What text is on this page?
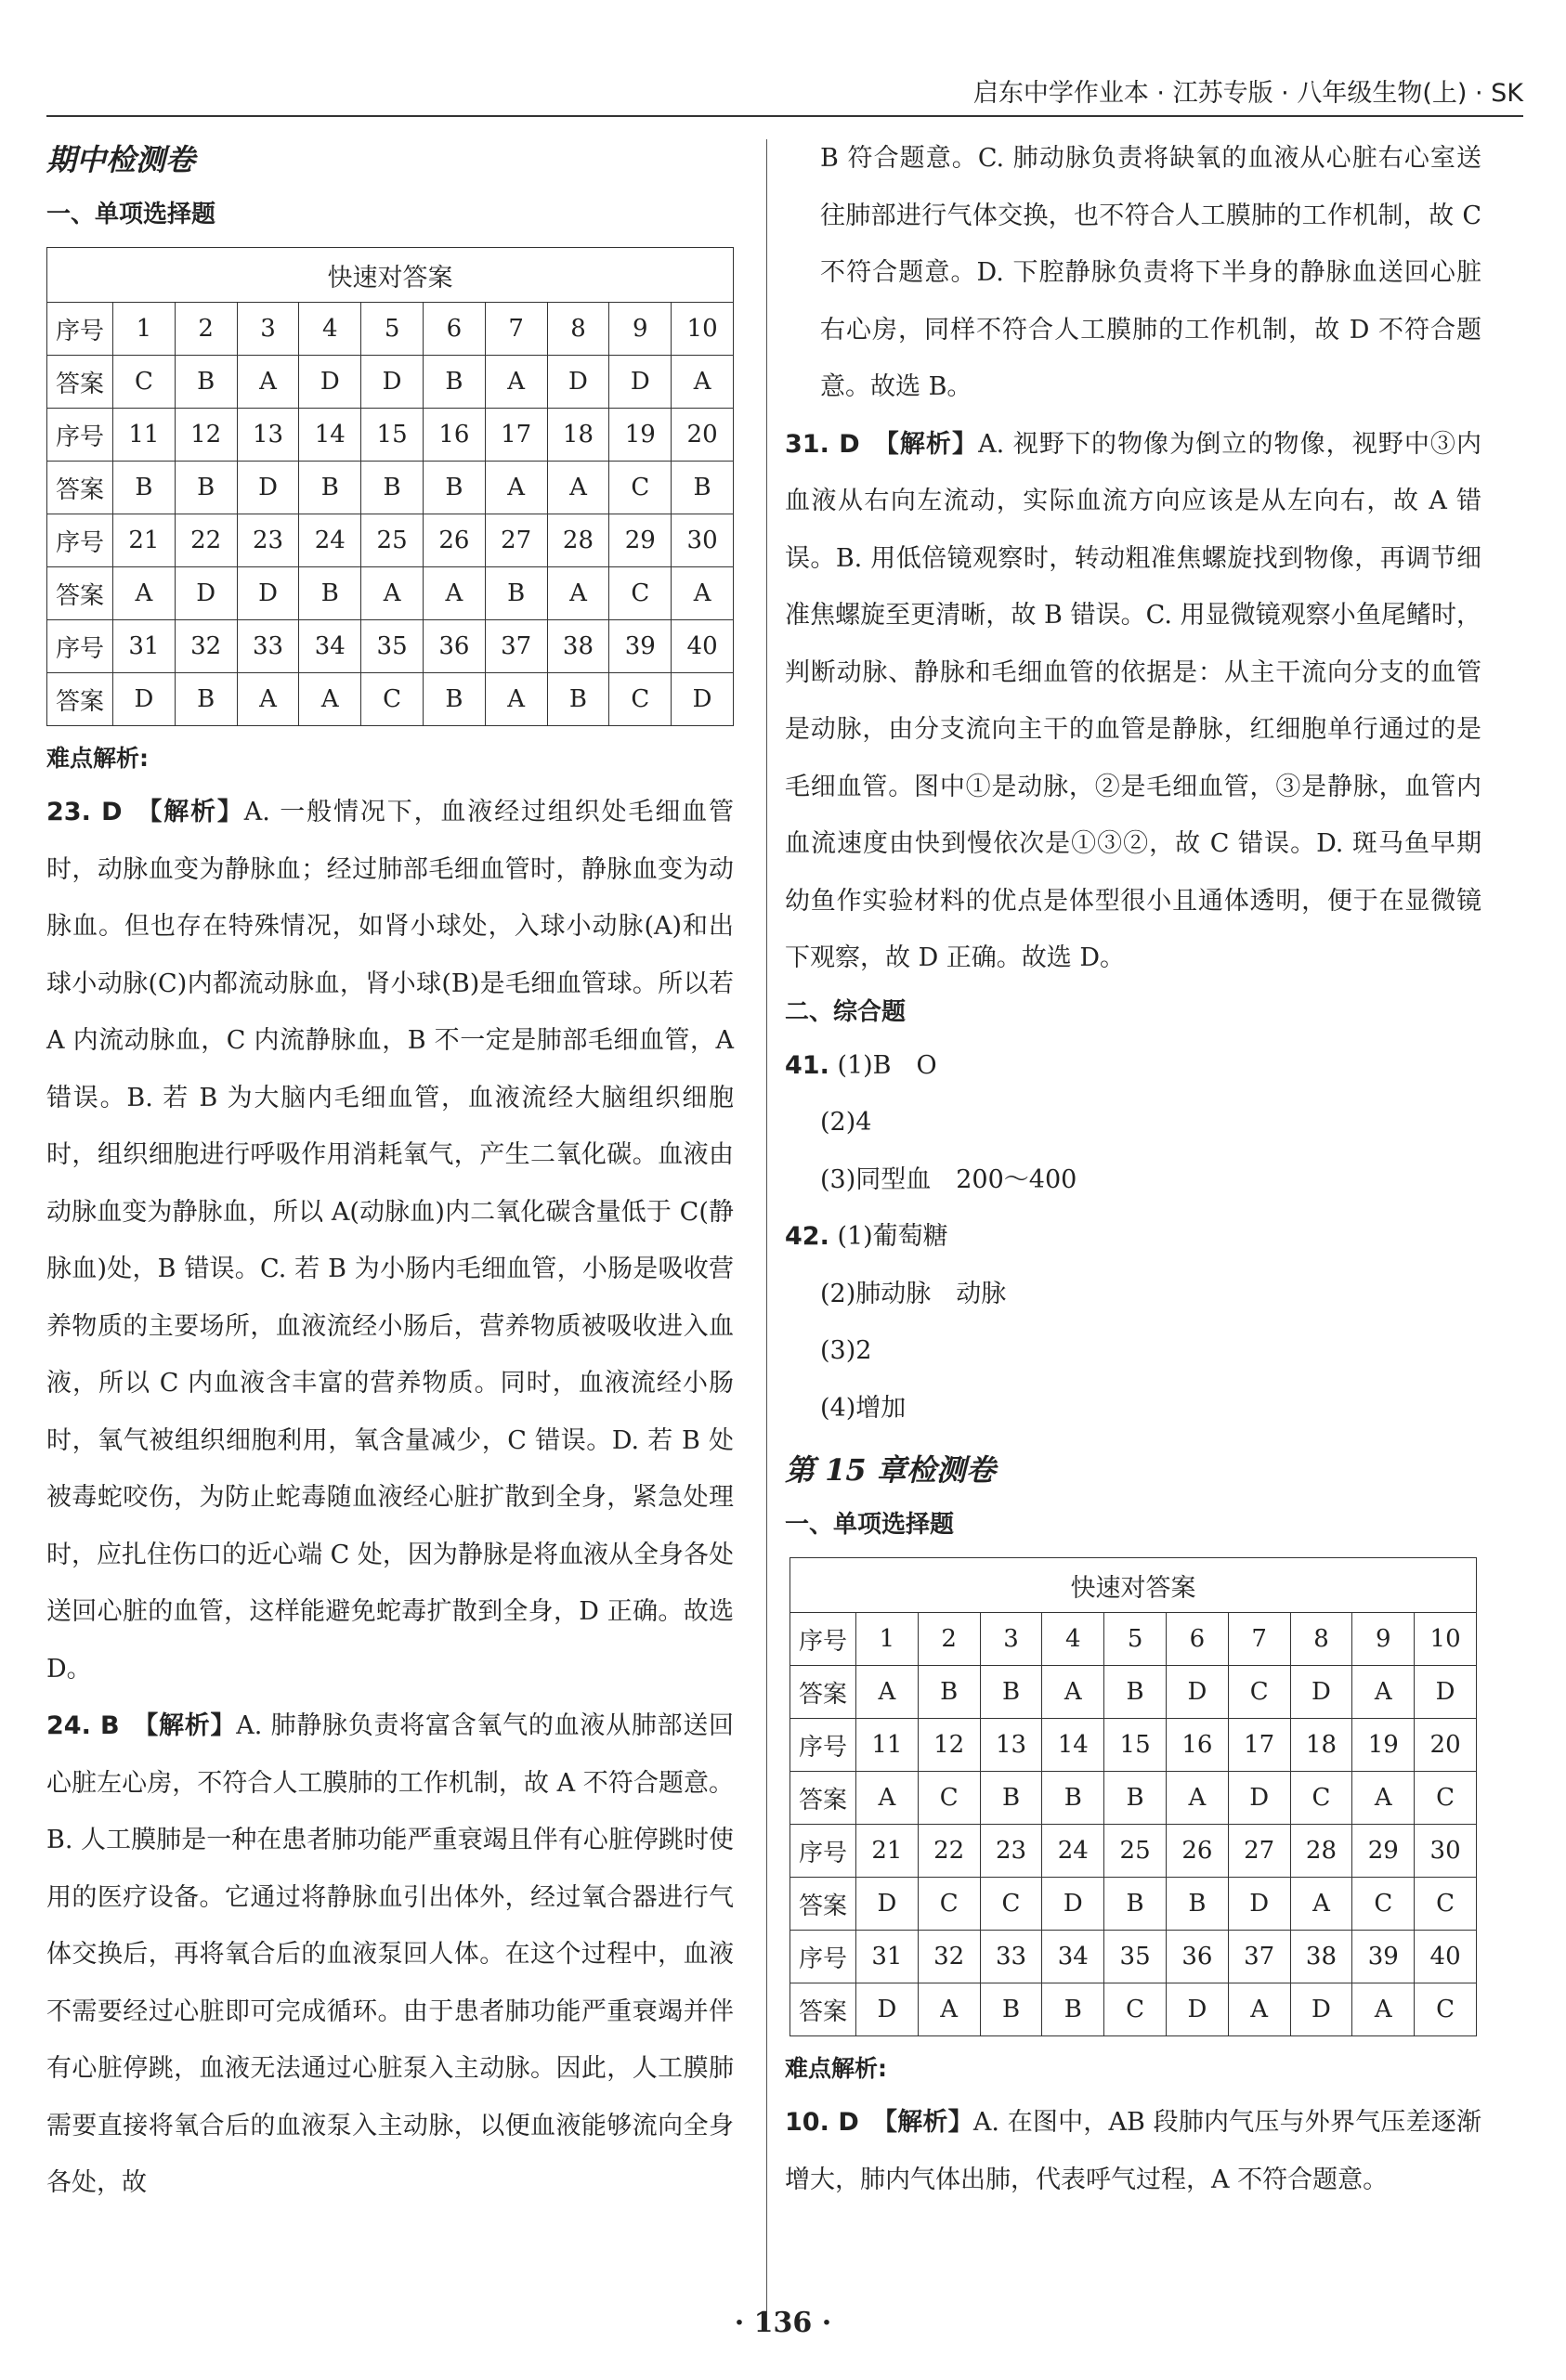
启东中学作业本 · 江苏专版 · 八年级生物(上) · SK
期中检测卷
一、单项选择题
快速对答案										
序号	1	2	3	4	5	6	7	8	9	10
答案	C	B	A	D	D	B	A	D	D	A
序号	11	12	13	14	15	16	17	18	19	20
答案	B	B	D	B	B	B	A	A	C	B
序号	21	22	23	24	25	26	27	28	29	30
答案	A	D	D	B	A	A	B	A	C	A
序号	31	32	33	34	35	36	37	38	39	40
答案	D	B	A	A	C	B	A	B	C	D
难点解析:
23. D 【解析】A. 一般情况下，血液经过组织处毛细血管时，动脉血变为静脉血；经过肺部毛细血管时，静脉血变为动脉血。但也存在特殊情况，如肾小球处，入球小动脉(A)和出球小动脉(C)内都流动脉血，肾小球(B)是毛细血管球。所以若 A 内流动脉血，C 内流静脉血，B 不一定是肺部毛细血管，A 错误。B. 若 B 为大脑内毛细血管，血液流经大脑组织细胞时，组织细胞进行呼吸作用消耗氧气，产生二氧化碳。血液由动脉血变为静脉血，所以 A(动脉血)内二氧化碳含量低于 C(静脉血)处，B 错误。C. 若 B 为小肠内毛细血管，小肠是吸收营养物质的主要场所，血液流经小肠后，营养物质被吸收进入血液，所以 C 内血液含丰富的营养物质。同时，血液流经小肠时，氧气被组织细胞利用，氧含量减少，C 错误。D. 若 B 处被毒蛇咬伤，为防止蛇毒随血液经心脏扩散到全身，紧急处理时，应扎住伤口的近心端 C 处，因为静脉是将血液从全身各处送回心脏的血管，这样能避免蛇毒扩散到全身，D 正确。故选 D。
24. B 【解析】A. 肺静脉负责将富含氧气的血液从肺部送回心脏左心房，不符合人工膜肺的工作机制，故 A 不符合题意。B. 人工膜肺是一种在患者肺功能严重衰竭且伴有心脏停跳时使用的医疗设备。它通过将静脉血引出体外，经过氧合器进行气体交换后，再将氧合后的血液泵回人体。在这个过程中，血液不需要经过心脏即可完成循环。由于患者肺功能严重衰竭并伴有心脏停跳，血液无法通过心脏泵入主动脉。因此，人工膜肺需要直接将氧合后的血液泵入主动脉，以便血液能够流向全身各处，故
B 符合题意。C. 肺动脉负责将缺氧的血液从心脏右心室送往肺部进行气体交换，也不符合人工膜肺的工作机制，故 C 不符合题意。D. 下腔静脉负责将下半身的静脉血送回心脏右心房，同样不符合人工膜肺的工作机制，故 D 不符合题意。故选 B。
31. D 【解析】A. 视野下的物像为倒立的物像，视野中③内血液从右向左流动，实际血流方向应该是从左向右，故 A 错误。B. 用低倍镜观察时，转动粗准焦螺旋找到物像，再调节细准焦螺旋至更清晰，故 B 错误。C. 用显微镜观察小鱼尾鳍时，判断动脉、静脉和毛细血管的依据是：从主干流向分支的血管是动脉，由分支流向主干的血管是静脉，红细胞单行通过的是毛细血管。图中①是动脉，②是毛细血管，③是静脉，血管内血流速度由快到慢依次是①③②，故 C 错误。D. 斑马鱼早期幼鱼作实验材料的优点是体型很小且通体透明，便于在显微镜下观察，故 D 正确。故选 D。
二、综合题
41. (1)B　O
(2)4
(3)同型血　200～400
42. (1)葡萄糖
(2)肺动脉　动脉
(3)2
(4)增加
第 15 章检测卷
一、单项选择题
快速对答案										
序号	1	2	3	4	5	6	7	8	9	10
答案	A	B	B	A	B	D	C	D	A	D
序号	11	12	13	14	15	16	17	18	19	20
答案	A	C	B	B	B	A	D	C	A	C
序号	21	22	23	24	25	26	27	28	29	30
答案	D	C	C	D	B	B	D	A	C	C
序号	31	32	33	34	35	36	37	38	39	40
答案	D	A	B	B	C	D	A	D	A	C
难点解析:
10. D 【解析】A. 在图中，AB 段肺内气压与外界气压差逐渐增大，肺内气体出肺，代表呼气过程，A 不符合题意。
· 136 ·
